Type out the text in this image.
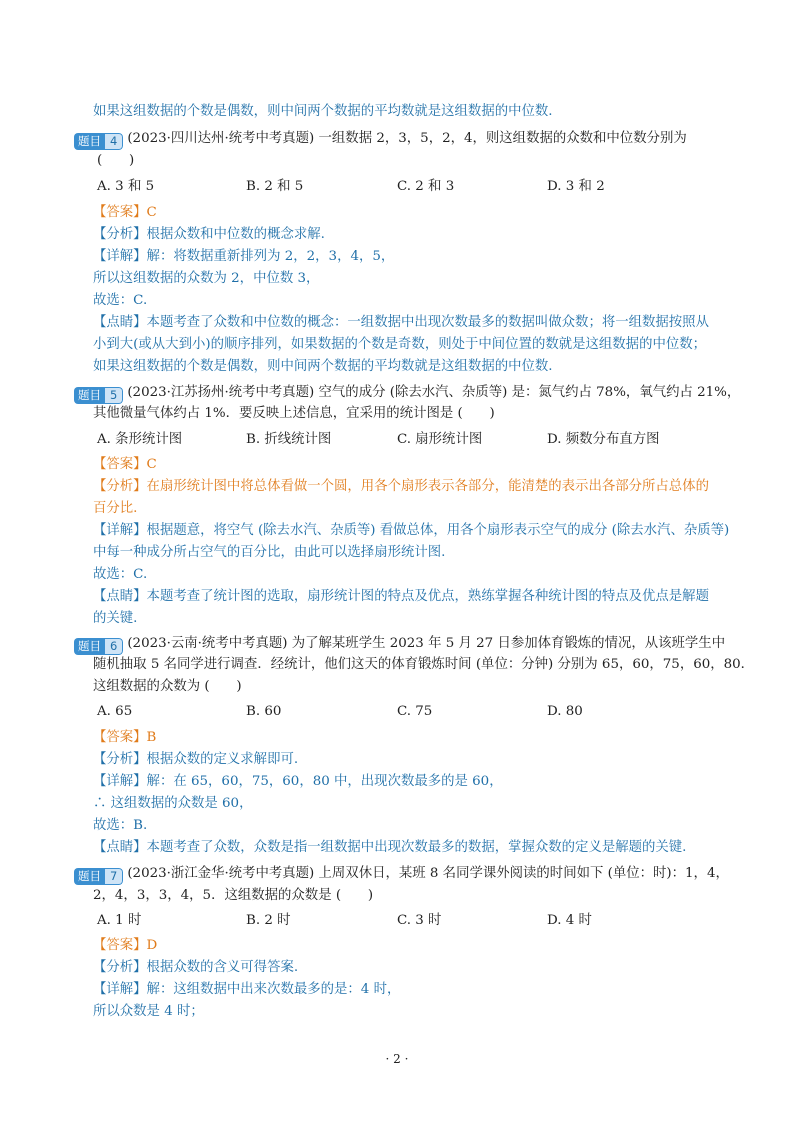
如果这组数据的个数是偶数，则中间两个数据的平均数就是这组数据的中位数.
题目 4 (2023·四川达州·统考中考真题) 一组数据 2，3，5，2，4，则这组数据的众数和中位数分别为
(　　)
A. 3 和 5	B. 2 和 5	C. 2 和 3	D. 3 和 2
【答案】C
【分析】根据众数和中位数的概念求解.
【详解】解：将数据重新排列为 2，2，3，4，5，
所以这组数据的众数为 2，中位数 3，
故选：C.
【点睛】本题考查了众数和中位数的概念：一组数据中出现次数最多的数据叫做众数；将一组数据按照从
小到大(或从大到小)的顺序排列，如果数据的个数是奇数，则处于中间位置的数就是这组数据的中位数；
如果这组数据的个数是偶数，则中间两个数据的平均数就是这组数据的中位数.
题目 5 (2023·江苏扬州·统考中考真题) 空气的成分 (除去水汽、杂质等) 是：氮气约占 78%，氧气约占 21%，
其他微量气体约占 1%．要反映上述信息，宜采用的统计图是 (　　)
A. 条形统计图	B. 折线统计图	C. 扇形统计图	D. 频数分布直方图
【答案】C
【分析】在扇形统计图中将总体看做一个圆，用各个扇形表示各部分，能清楚的表示出各部分所占总体的
百分比.
【详解】根据题意，将空气 (除去水汽、杂质等) 看做总体，用各个扇形表示空气的成分 (除去水汽、杂质等)
中每一种成分所占空气的百分比，由此可以选择扇形统计图.
故选：C.
【点睛】本题考查了统计图的选取，扇形统计图的特点及优点，熟练掌握各种统计图的特点及优点是解题
的关键.
题目 6 (2023·云南·统考中考真题) 为了解某班学生 2023 年 5 月 27 日参加体育锻炼的情况，从该班学生中
随机抽取 5 名同学进行调查．经统计，他们这天的体育锻炼时间 (单位：分钟) 分别为 65，60，75，60，80．
这组数据的众数为 (　　)
A. 65	B. 60	C. 75	D. 80
【答案】B
【分析】根据众数的定义求解即可.
【详解】解：在 65，60，75，60，80 中，出现次数最多的是 60，
∴ 这组数据的众数是 60，
故选：B.
【点睛】本题考查了众数，众数是指一组数据中出现次数最多的数据，掌握众数的定义是解题的关键.
题目 7 (2023·浙江金华·统考中考真题) 上周双休日，某班 8 名同学课外阅读的时间如下 (单位：时)：1，4，
2，4，3，3，4，5．这组数据的众数是 (　　)
A. 1 时	B. 2 时	C. 3 时	D. 4 时
【答案】D
【分析】根据众数的含义可得答案.
【详解】解：这组数据中出来次数最多的是：4 时，
所以众数是 4 时；
· 2 ·
